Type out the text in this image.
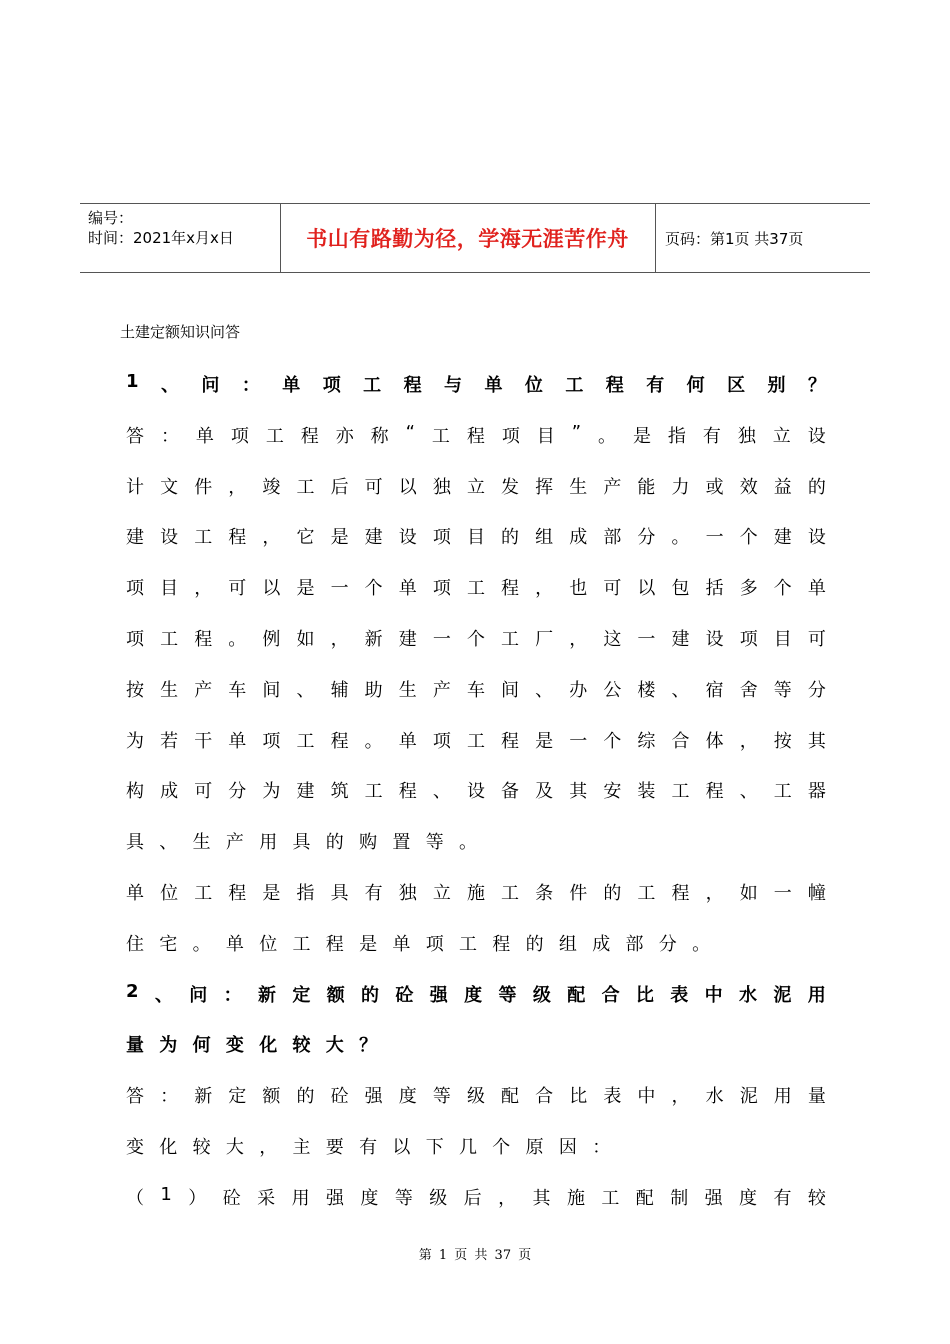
编号：
时间：2021年x月x日	书山有路勤为径，学海无涯苦作舟	页码：第1页 共37页
土建定额知识问答
1 、 问 ： 单 项 工 程 与 单 位 工 程 有 何 区 别 ？
答 ： 单 项 工 程 亦 称 “ 工 程 项 目 ” 。 是 指 有 独 立 设
计 文 件 ， 竣 工 后 可 以 独 立 发 挥 生 产 能 力 或 效 益 的
建 设 工 程 ， 它 是 建 设 项 目 的 组 成 部 分 。 一 个 建 设
项 目 ， 可 以 是 一 个 单 项 工 程 ， 也 可 以 包 括 多 个 单
项 工 程 。 例 如 ， 新 建 一 个 工 厂 ， 这 一 建 设 项 目 可
按 生 产 车 间 、 辅 助 生 产 车 间 、 办 公 楼 、 宿 舍 等 分
为 若 干 单 项 工 程 。 单 项 工 程 是 一 个 综 合 体 ， 按 其
构 成 可 分 为 建 筑 工 程 、 设 备 及 其 安 装 工 程 、 工 器
具、生产用具的购置等。
单 位 工 程 是 指 具 有 独 立 施 工 条 件 的 工 程 ， 如 一 幢
住宅。单位工程是单项工程的组成部分。
2 、 问 ： 新 定 额 的 砼 强 度 等 级 配 合 比 表 中 水 泥 用
量为何变化较大？
答 ： 新 定 额 的 砼 强 度 等 级 配 合 比 表 中 ， 水 泥 用 量
变化较大，主要有以下几个原因：
（ 1 ） 砼 采 用 强 度 等 级 后 ， 其 施 工 配 制 强 度 有 较
第 1 页 共 37 页
